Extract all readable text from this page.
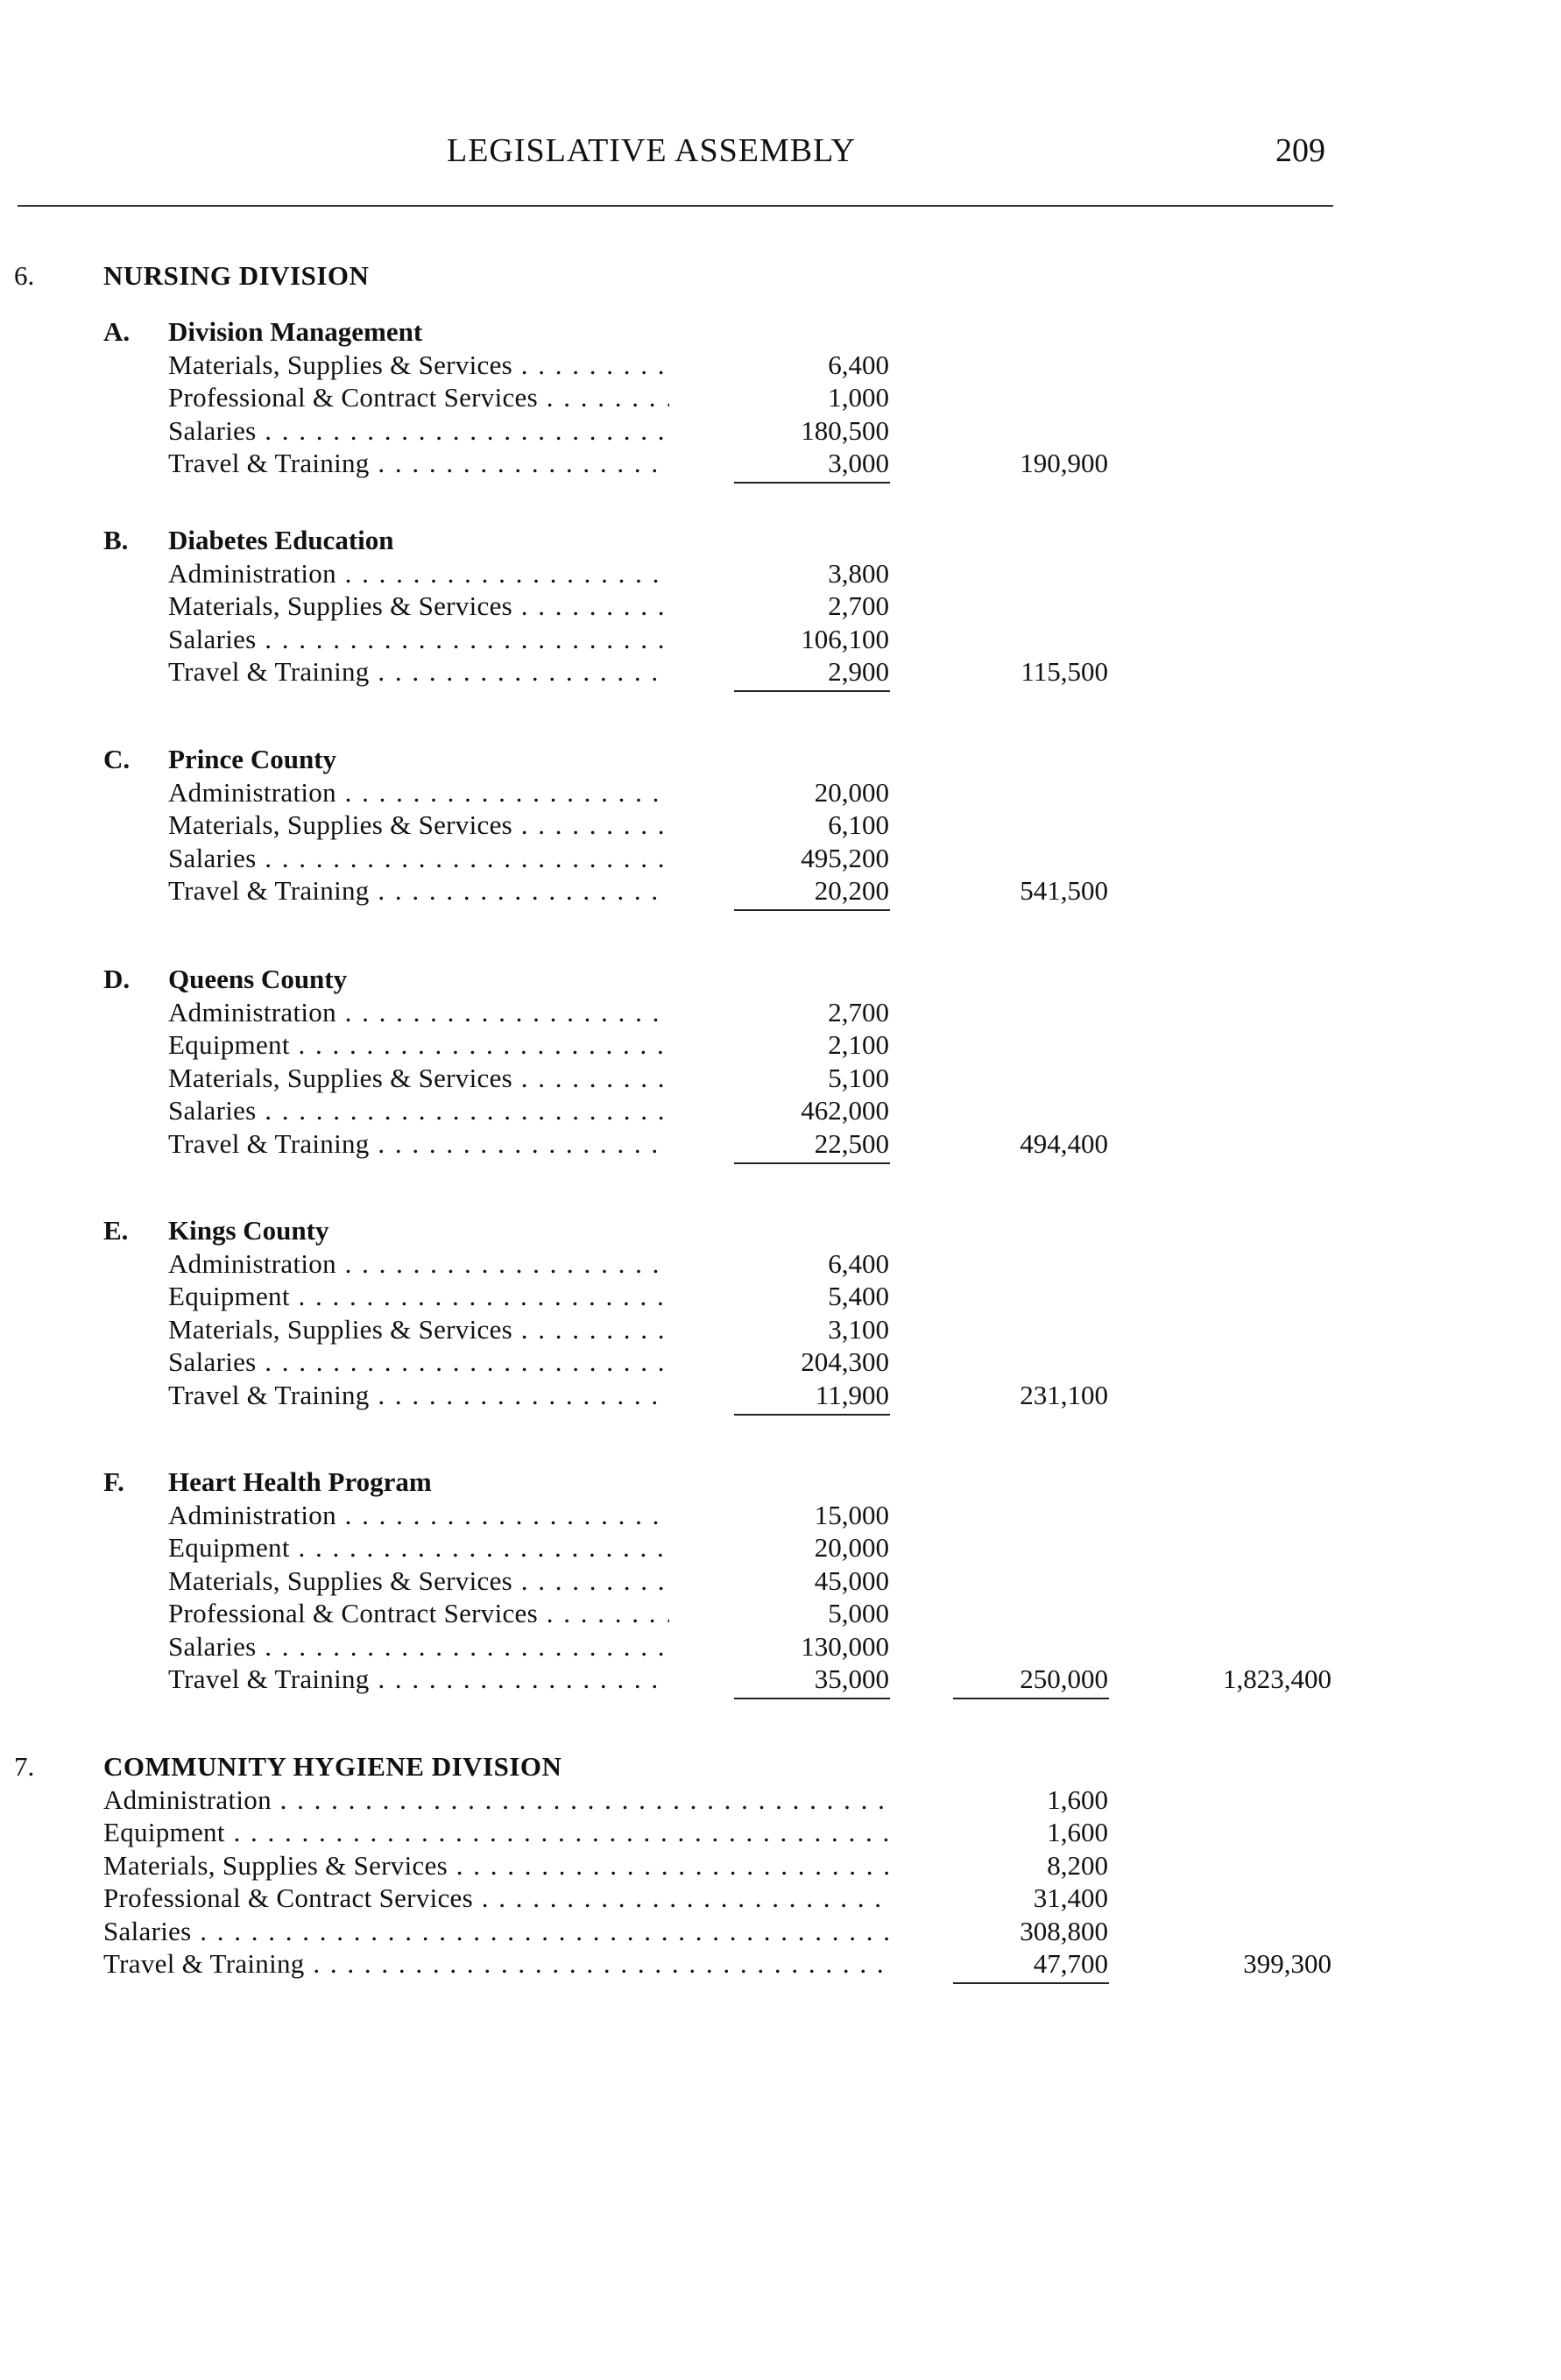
LEGISLATIVE ASSEMBLY	209
6.	NURSING DIVISION
A. Division Management
Materials, Supplies & Services . . .	6,400
Professional & Contract Services . . .	1,000
Salaries . . .	180,500
Travel & Training . . .	3,000	190,900
B. Diabetes Education
Administration . . .	3,800
Materials, Supplies & Services . . .	2,700
Salaries . . .	106,100
Travel & Training . . .	2,900	115,500
C. Prince County
Administration . . .	20,000
Materials, Supplies & Services . . .	6,100
Salaries . . .	495,200
Travel & Training . . .	20,200	541,500
D. Queens County
Administration . . .	2,700
Equipment . . .	2,100
Materials, Supplies & Services . . .	5,100
Salaries . . .	462,000
Travel & Training . . .	22,500	494,400
E. Kings County
Administration . . .	6,400
Equipment . . .	5,400
Materials, Supplies & Services . . .	3,100
Salaries . . .	204,300
Travel & Training . . .	11,900	231,100
F. Heart Health Program
Administration . . .	15,000
Equipment . . .	20,000
Materials, Supplies & Services . . .	45,000
Professional & Contract Services . . .	5,000
Salaries . . .	130,000
Travel & Training . . .	35,000	250,000	1,823,400
7.	COMMUNITY HYGIENE DIVISION
Administration . . .	1,600
Equipment . . .	1,600
Materials, Supplies & Services . . .	8,200
Professional & Contract Services . . .	31,400
Salaries . . .	308,800
Travel & Training . . .	47,700	399,300
